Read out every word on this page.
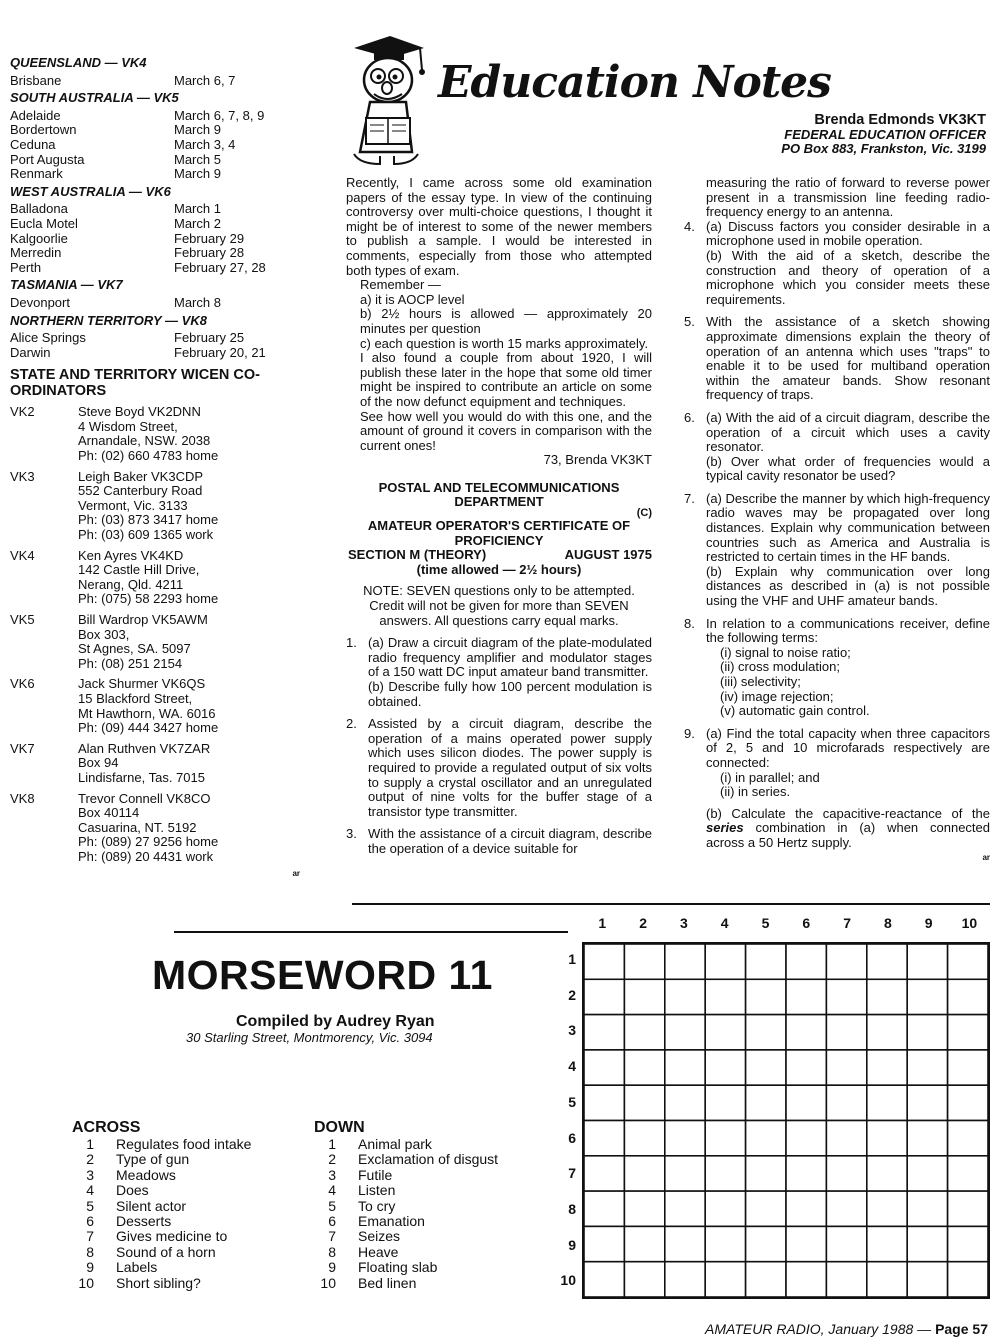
QUEENSLAND — VK4
Brisbane	March 6, 7
SOUTH AUSTRALIA — VK5
Adelaide	March 6, 7, 8, 9
Bordertown	March 9
Ceduna	March 3, 4
Port Augusta	March 5
Renmark	March 9
WEST AUSTRALIA — VK6
Balladona	March 1
Eucla Motel	March 2
Kalgoorlie	February 29
Merredin	February 28
Perth	February 27, 28
TASMANIA — VK7
Devonport	March 8
NORTHERN TERRITORY — VK8
Alice Springs	February 25
Darwin	February 20, 21
STATE AND TERRITORY WICEN CO-ORDINATORS
VK2	Steve Boyd VK2DNN
4 Wisdom Street,
Arnandale, NSW. 2038
Ph: (02) 660 4783 home
VK3	Leigh Baker VK3CDP
552 Canterbury Road
Vermont, Vic. 3133
Ph: (03) 873 3417 home
Ph: (03) 609 1365 work
VK4	Ken Ayres VK4KD
142 Castle Hill Drive,
Nerang, Qld. 4211
Ph: (075) 58 2293 home
VK5	Bill Wardrop VK5AWM
Box 303,
St Agnes, SA. 5097
Ph: (08) 251 2154
VK6	Jack Shurmer VK6QS
15 Blackford Street,
Mt Hawthorn, WA. 6016
Ph: (09) 444 3427 home
VK7	Alan Ruthven VK7ZAR
Box 94
Lindisfarne, Tas. 7015
VK8	Trevor Connell VK8CO
Box 40114
Casuarina, NT. 5192
Ph: (089) 27 9256 home
Ph: (089) 20 4431 work
ar
Education Notes
Brenda Edmonds VK3KT
FEDERAL EDUCATION OFFICER
PO Box 883, Frankston, Vic. 3199

Recently, I came across some old examination papers of the essay type. In view of the continuing controversy over multi-choice questions, I thought it might be of interest to some of the newer members to publish a sample. I would be interested in comments, especially from those who attempted both types of exam.

Remember —

a) it is AOCP level

b) 2½ hours is allowed — approximately 20 minutes per question

c) each question is worth 15 marks approximately.

I also found a couple from about 1920, I will publish these later in the hope that some old timer might be inspired to contribute an article on some of the now defunct equipment and techniques.

See how well you would do with this one, and the amount of ground it covers in comparison with the current ones!

73, Brenda VK3KT

POSTAL AND TELECOMMUNICATIONS DEPARTMENT

(C)

AMATEUR OPERATOR'S CERTIFICATE OF PROFICIENCY

SECTION M (THEORY)	AUGUST 1975

(time allowed — 2½ hours)

NOTE: SEVEN questions only to be attempted. Credit will not be given for more than SEVEN answers. All questions carry equal marks.

1. (a) Draw a circuit diagram of the plate-modulated radio frequency amplifier and modulator stages of a 150 watt DC input amateur band transmitter.
(b) Describe fully how 100 percent modulation is obtained.
2. Assisted by a circuit diagram, describe the operation of a mains operated power supply which uses silicon diodes. The power supply is required to provide a regulated output of six volts to supply a crystal oscillator and an unregulated output of nine volts for the buffer stage of a transistor type transmitter.
3. With the assistance of a circuit diagram, describe the operation of a device suitable for

measuring the ratio of forward to reverse power present in a transmission line feeding radio-frequency energy to an antenna.

4. (a) Discuss factors you consider desirable in a microphone used in mobile operation.
(b) With the aid of a sketch, describe the construction and theory of operation of a microphone which you consider meets these requirements.
5. With the assistance of a sketch showing approximate dimensions explain the theory of operation of an antenna which uses "traps" to enable it to be used for multiband operation within the amateur bands. Show resonant frequency of traps.
6. (a) With the aid of a circuit diagram, describe the operation of a circuit which uses a cavity resonator.
(b) Over what order of frequencies would a typical cavity resonator be used?
7. (a) Describe the manner by which high-frequency radio waves may be propagated over long distances. Explain why communication between countries such as America and Australia is restricted to certain times in the HF bands.
(b) Explain why communication over long distances as described in (a) is not possible using the VHF and UHF amateur bands.
8. In relation to a communications receiver, define the following terms:
(i) signal to noise ratio;
(ii) cross modulation;
(iii) selectivity;
(iv) image rejection;
(v) automatic gain control.
9. (a) Find the total capacity when three capacitors of 2, 5 and 10 microfarads respectively are connected:
(i) in parallel; and
(ii) in series.
(b) Calculate the capacitive-reactance of the series combination in (a) when connected across a 50 Hertz supply.
ar
MORSEWORD 11
Compiled by Audrey Ryan
30 Starling Street, Montmorency, Vic. 3094
ACROSS
1	Regulates food intake
2	Type of gun
3	Meadows
4	Does
5	Silent actor
6	Desserts
7	Gives medicine to
8	Sound of a horn
9	Labels
10	Short sibling?
DOWN
1	Animal park
2	Exclamation of disgust
3	Futile
4	Listen
5	To cry
6	Emanation
7	Seizes
8	Heave
9	Floating slab
10	Bed linen
1 2 3 4 5 6 7 8 9 10
1
2
3
4
5
6
7
8
9
10
AMATEUR RADIO, January 1988 — Page 57
